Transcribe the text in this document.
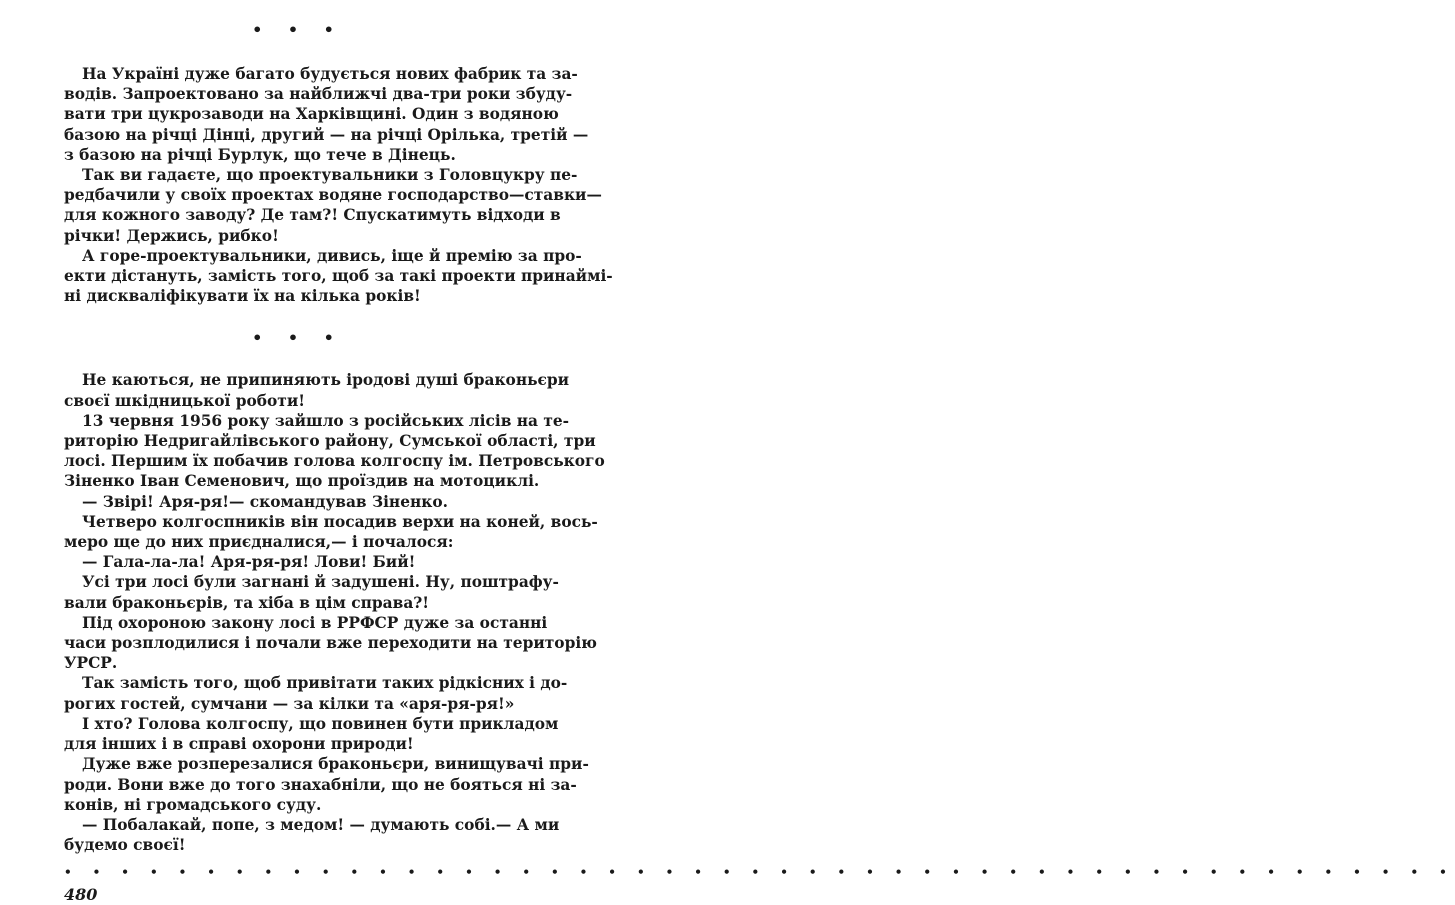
• • •

На Україні дуже багато будується нових фабрик та за-
водів. Запроектовано за найближчі два-три роки збуду-
вати три цукрозаводи на Харківщині. Один з водяною
базою на річці Дінці, другий — на річці Орілька, третій —
з базою на річці Бурлук, що тече в Дінець.

Так ви гадаєте, що проектувальники з Головцукру пе-
редбачили у своїх проектах водяне господарство—ставки—
для кожного заводу? Де там?! Спускатимуть відходи в
річки! Держись, рибко!

А горе-проектувальники, дивись, іще й премію за про-
екти дістануть, замість того, щоб за такі проекти принаймі-
ні дискваліфікувати їх на кілька років!

• • •

Не каються, не припиняють іродові душі браконьєри
своєї шкідницької роботи!

13 червня 1956 року зайшло з російських лісів на те-
риторію Недригайлівського району, Сумської області, три
лосі. Першим їх побачив голова колгоспу ім. Петровського
Зіненко Іван Семенович, що проїздив на мотоциклі.

— Звірі! Аря-ря!— скомандував Зіненко.

Четверо колгоспників він посадив верхи на коней, вось-
меро ще до них приєдналися,— і почалося:

— Гала-ла-ла! Аря-ря-ря! Лови! Бий!

Усі три лосі були загнані й задушені. Ну, поштрафу-
вали браконьєрів, та хіба в цім справа?!

Під охороною закону лосі в РРФСР дуже за останні
часи розплодилися і почали вже переходити на територію
УРСР.

Так замість того, щоб привітати таких рідкісних і до-
рогих гостей, сумчани — за кілки та «аря-ря-ря!»

І хто? Голова колгоспу, що повинен бути прикладом
для інших і в справі охорони природи!

Дуже вже розперезалися браконьєри, винищувачі при-
роди. Вони вже до того знахабніли, що не бояться ні за-
конів, ні громадського суду.

— Побалакай, попе, з медом! — думають собі.— А ми
будемо своєї!

• • • • • • • • • • • • • • • • • • • • • • • • • • • • • • • • • • • • • • • • • • • • • • • • •
480
